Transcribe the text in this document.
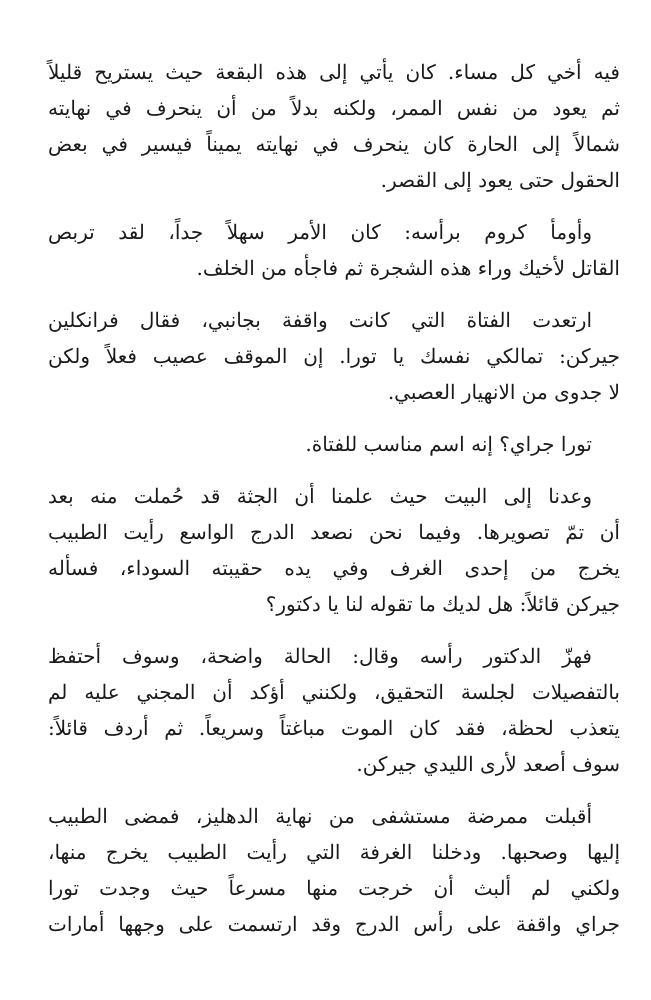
فيه أخي كل مساء. كان يأتي إلى هذه البقعة حيث يستريح قليلاً
ثم يعود من نفس الممر، ولكنه بدلاً من أن ينحرف في نهايته
شمالاً إلى الحارة كان ينحرف في نهايته يميناً فيسير في بعض
الحقول حتى يعود إلى القصر.

وأومأ كروم برأسه: كان الأمر سهلاً جداً، لقد تربص
القاتل لأخيك وراء هذه الشجرة ثم فاجأه من الخلف.

ارتعدت الفتاة التي كانت واقفة بجانبي، فقال فرانكلين
جيركن: تمالكي نفسك يا تورا. إن الموقف عصيب فعلاً ولكن
لا جدوى من الانهيار العصبي.

تورا جراي؟ إنه اسم مناسب للفتاة.

وعدنا إلى البيت حيث علمنا أن الجثة قد حُملت منه بعد
أن تمّ تصويرها. وفيما نحن نصعد الدرج الواسع رأيت الطبيب
يخرج من إحدى الغرف وفي يده حقيبته السوداء، فسأله
جيركن قائلاً: هل لديك ما تقوله لنا يا دكتور؟

فهزّ الدكتور رأسه وقال: الحالة واضحة، وسوف أحتفظ
بالتفصيلات لجلسة التحقيق، ولكنني أؤكد أن المجني عليه لم
يتعذب لحظة، فقد كان الموت مباغتاً وسريعاً. ثم أردف قائلاً:
سوف أصعد لأرى الليدي جيركن.

أقبلت ممرضة مستشفى من نهاية الدهليز، فمضى الطبيب
إليها وصحبها. ودخلنا الغرفة التي رأيت الطبيب يخرج منها،
ولكني لم ألبث أن خرجت منها مسرعاً حيث وجدت تورا
جراي واقفة على رأس الدرج وقد ارتسمت على وجهها أمارات
